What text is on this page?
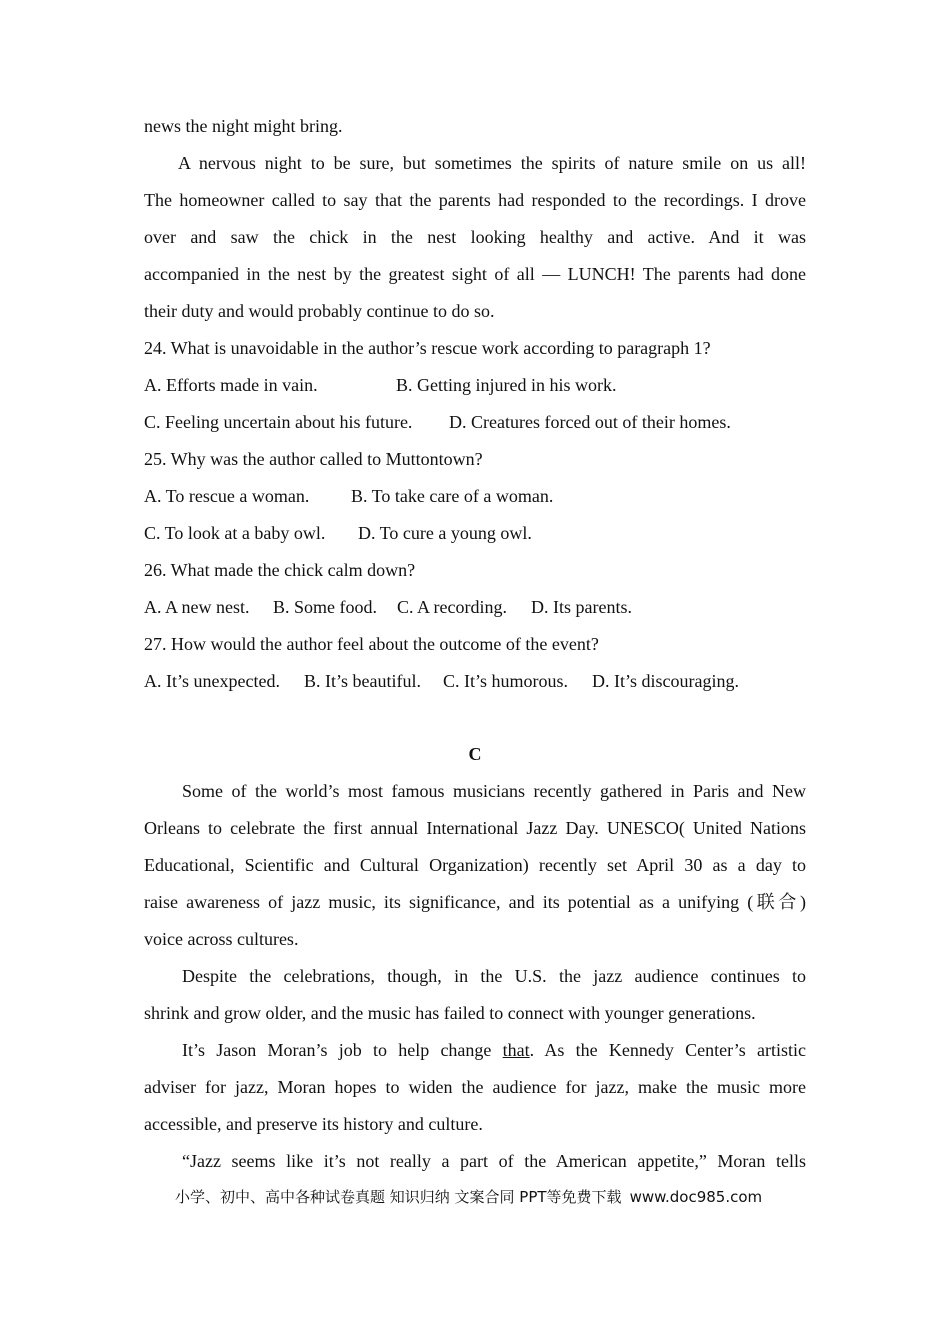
news the night might bring.

A nervous night to be sure, but sometimes the spirits of nature smile on us all!

The homeowner called to say that the parents had responded to the recordings. I drove

over and saw the chick in the nest looking healthy and active. And it was

accompanied in the nest by the greatest sight of all — LUNCH! The parents had done

their duty and would probably continue to do so.

24. What is unavoidable in the author’s rescue work according to paragraph 1?

A. Efforts made in vain.	B. Getting injured in his work.

C. Feeling uncertain about his future. D. Creatures forced out of their homes.

25. Why was the author called to Muttontown?

A. To rescue a woman. B. To take care of a woman.

C. To look at a baby owl. D. To cure a young owl.

26. What made the chick calm down?

A. A new nest. B. Some food. C. A recording. D. Its parents.

27. How would the author feel about the outcome of the event?

A. It’s unexpected. B. It’s beautiful. C. It’s humorous. D. It’s discouraging.

C

Some of the world’s most famous musicians recently gathered in Paris and New

Orleans to celebrate the first annual International Jazz Day. UNESCO( United Nations

Educational, Scientific and Cultural Organization) recently set April 30 as a day to

raise awareness of jazz music, its significance, and its potential as a unifying (联合)

voice across cultures.

Despite the celebrations, though, in the U.S. the jazz audience continues to

shrink and grow older, and the music has failed to connect with younger generations.

It’s Jason Moran’s job to help change that. As the Kennedy Center’s artistic

adviser for jazz, Moran hopes to widen the audience for jazz, make the music more

accessible, and preserve its history and culture.

“Jazz seems like it’s not really a part of the American appetite,” Moran tells

小学、初中、高中各种试卷真题 知识归纳 文案合同 PPT等免费下载 www.doc985.com
